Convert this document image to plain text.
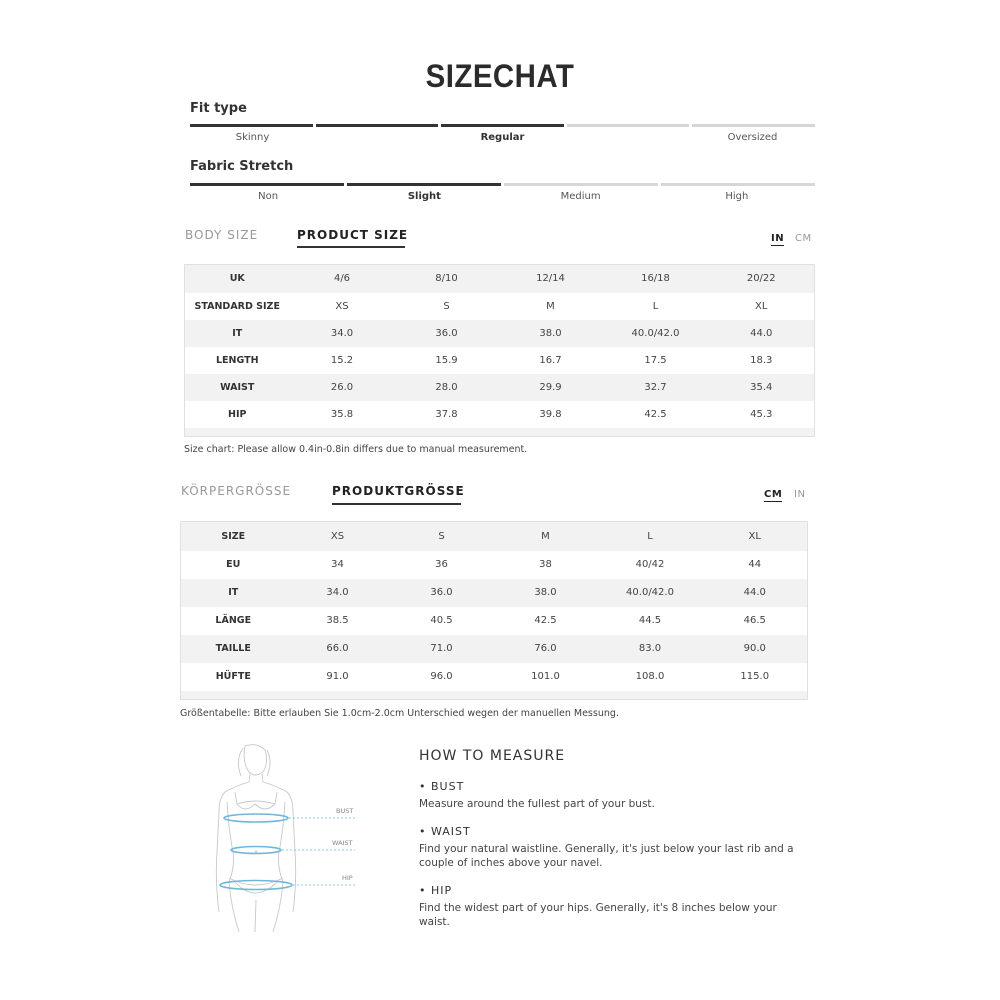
SIZECHAT
Fit type
Skinny	Regular	Oversized
Fabric Stretch
Non	Slight	Medium	High
BODY SIZE	PRODUCT SIZE	IN CM
UK	4/6	8/10	12/14	16/18	20/22
STANDARD SIZE	XS	S	M	L	XL
IT	34.0	36.0	38.0	40.0/42.0	44.0
LENGTH	15.2	15.9	16.7	17.5	18.3
WAIST	26.0	28.0	29.9	32.7	35.4
HIP	35.8	37.8	39.8	42.5	45.3

Size chart: Please allow 0.4in-0.8in differs due to manual measurement.
KÖRPERGRÖSSE	PRODUKTGRÖSSE	CM IN
SIZE	XS	S	M	L	XL
EU	34	36	38	40/42	44
IT	34.0	36.0	38.0	40.0/42.0	44.0
LÄNGE	38.5	40.5	42.5	44.5	46.5
TAILLE	66.0	71.0	76.0	83.0	90.0
HÜFTE	91.0	96.0	101.0	108.0	115.0

Größentabelle: Bitte erlauben Sie 1.0cm-2.0cm Unterschied wegen der manuellen Messung.
BUST
WAIST
HIP
HOW TO MEASURE
• BUST
Measure around the fullest part of your bust.
• WAIST
Find your natural waistline. Generally, it's just below your last rib and a couple of inches above your navel.
• HIP
Find the widest part of your hips. Generally, it's 8 inches below your waist.
